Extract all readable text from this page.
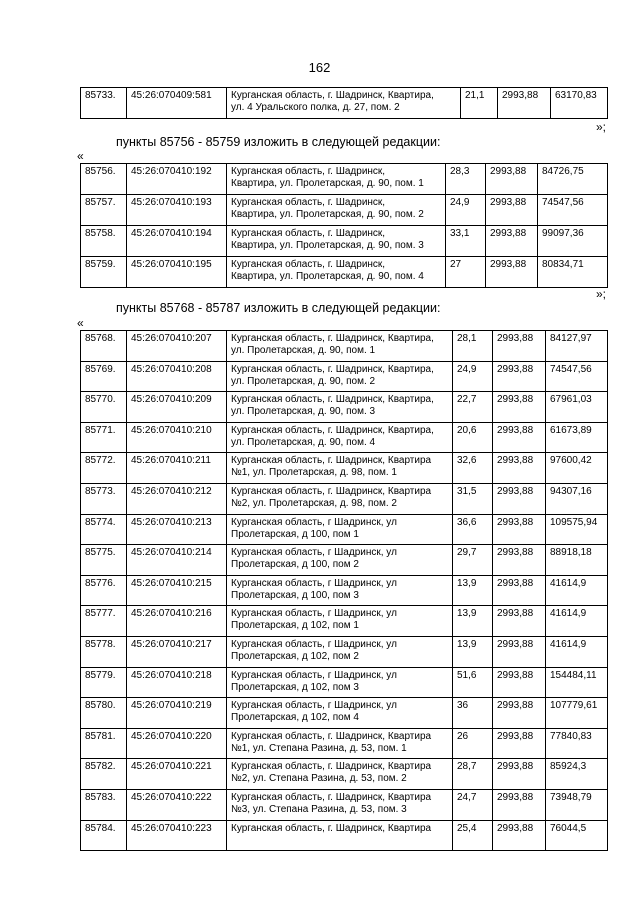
162
85733.	45:26:070409:581	Курганская область, г. Шадринск, Квартира,
ул. 4 Уральского полка, д. 27, пом. 2
	21,1	2993,88	63170,83
»;
пункты 85756 - 85759 изложить в следующей редакции:
«
85756.	45:26:070410:192	Курганская область, г. Шадринск,
Квартира, ул. Пролетарская, д. 90, пом. 1	28,3	2993,88	84726,75
85757.	45:26:070410:193	Курганская область, г. Шадринск,
Квартира, ул. Пролетарская, д. 90, пом. 2	24,9	2993,88	74547,56
85758.	45:26:070410:194	Курганская область, г. Шадринск,
Квартира, ул. Пролетарская, д. 90, пом. 3	33,1	2993,88	99097,36
85759.	45:26:070410:195	Курганская область, г. Шадринск,
Квартира, ул. Пролетарская, д. 90, пом. 4	27	2993,88	80834,71
»;
пункты 85768 - 85787 изложить в следующей редакции:
«
85768.	45:26:070410:207	Курганская область, г. Шадринск, Квартира,
ул. Пролетарская, д. 90, пом. 1	28,1	2993,88	84127,97
85769.	45:26:070410:208	Курганская область, г. Шадринск, Квартира,
ул. Пролетарская, д. 90, пом. 2	24,9	2993,88	74547,56
85770.	45:26:070410:209	Курганская область, г. Шадринск, Квартира,
ул. Пролетарская, д. 90, пом. 3	22,7	2993,88	67961,03
85771.	45:26:070410:210	Курганская область, г. Шадринск, Квартира,
ул. Пролетарская, д. 90, пом. 4	20,6	2993,88	61673,89
85772.	45:26:070410:211	Курганская область, г. Шадринск, Квартира
№1, ул. Пролетарская, д. 98, пом. 1	32,6	2993,88	97600,42
85773.	45:26:070410:212	Курганская область, г. Шадринск, Квартира
№2, ул. Пролетарская, д. 98, пом. 2	31,5	2993,88	94307,16
85774.	45:26:070410:213	Курганская область, г Шадринск, ул
Пролетарская, д 100, пом 1	36,6	2993,88	109575,94
85775.	45:26:070410:214	Курганская область, г Шадринск, ул
Пролетарская, д 100, пом 2	29,7	2993,88	88918,18
85776.	45:26:070410:215	Курганская область, г Шадринск, ул
Пролетарская, д 100, пом 3	13,9	2993,88	41614,9
85777.	45:26:070410:216	Курганская область, г Шадринск, ул
Пролетарская, д 102, пом 1	13,9	2993,88	41614,9
85778.	45:26:070410:217	Курганская область, г Шадринск, ул
Пролетарская, д 102, пом 2	13,9	2993,88	41614,9
85779.	45:26:070410:218	Курганская область, г Шадринск, ул
Пролетарская, д 102, пом 3	51,6	2993,88	154484,11
85780.	45:26:070410:219	Курганская область, г Шадринск, ул
Пролетарская, д 102, пом 4	36	2993,88	107779,61
85781.	45:26:070410:220	Курганская область, г. Шадринск, Квартира
№1, ул. Степана Разина, д. 53, пом. 1	26	2993,88	77840,83
85782.	45:26:070410:221	Курганская область, г. Шадринск, Квартира
№2, ул. Степана Разина, д. 53, пом. 2	28,7	2993,88	85924,3
85783.	45:26:070410:222	Курганская область, г. Шадринск, Квартира
№3, ул. Степана Разина, д. 53, пом. 3	24,7	2993,88	73948,79
85784.	45:26:070410:223	Курганская область, г. Шадринск, Квартира	25,4	2993,88	76044,5
